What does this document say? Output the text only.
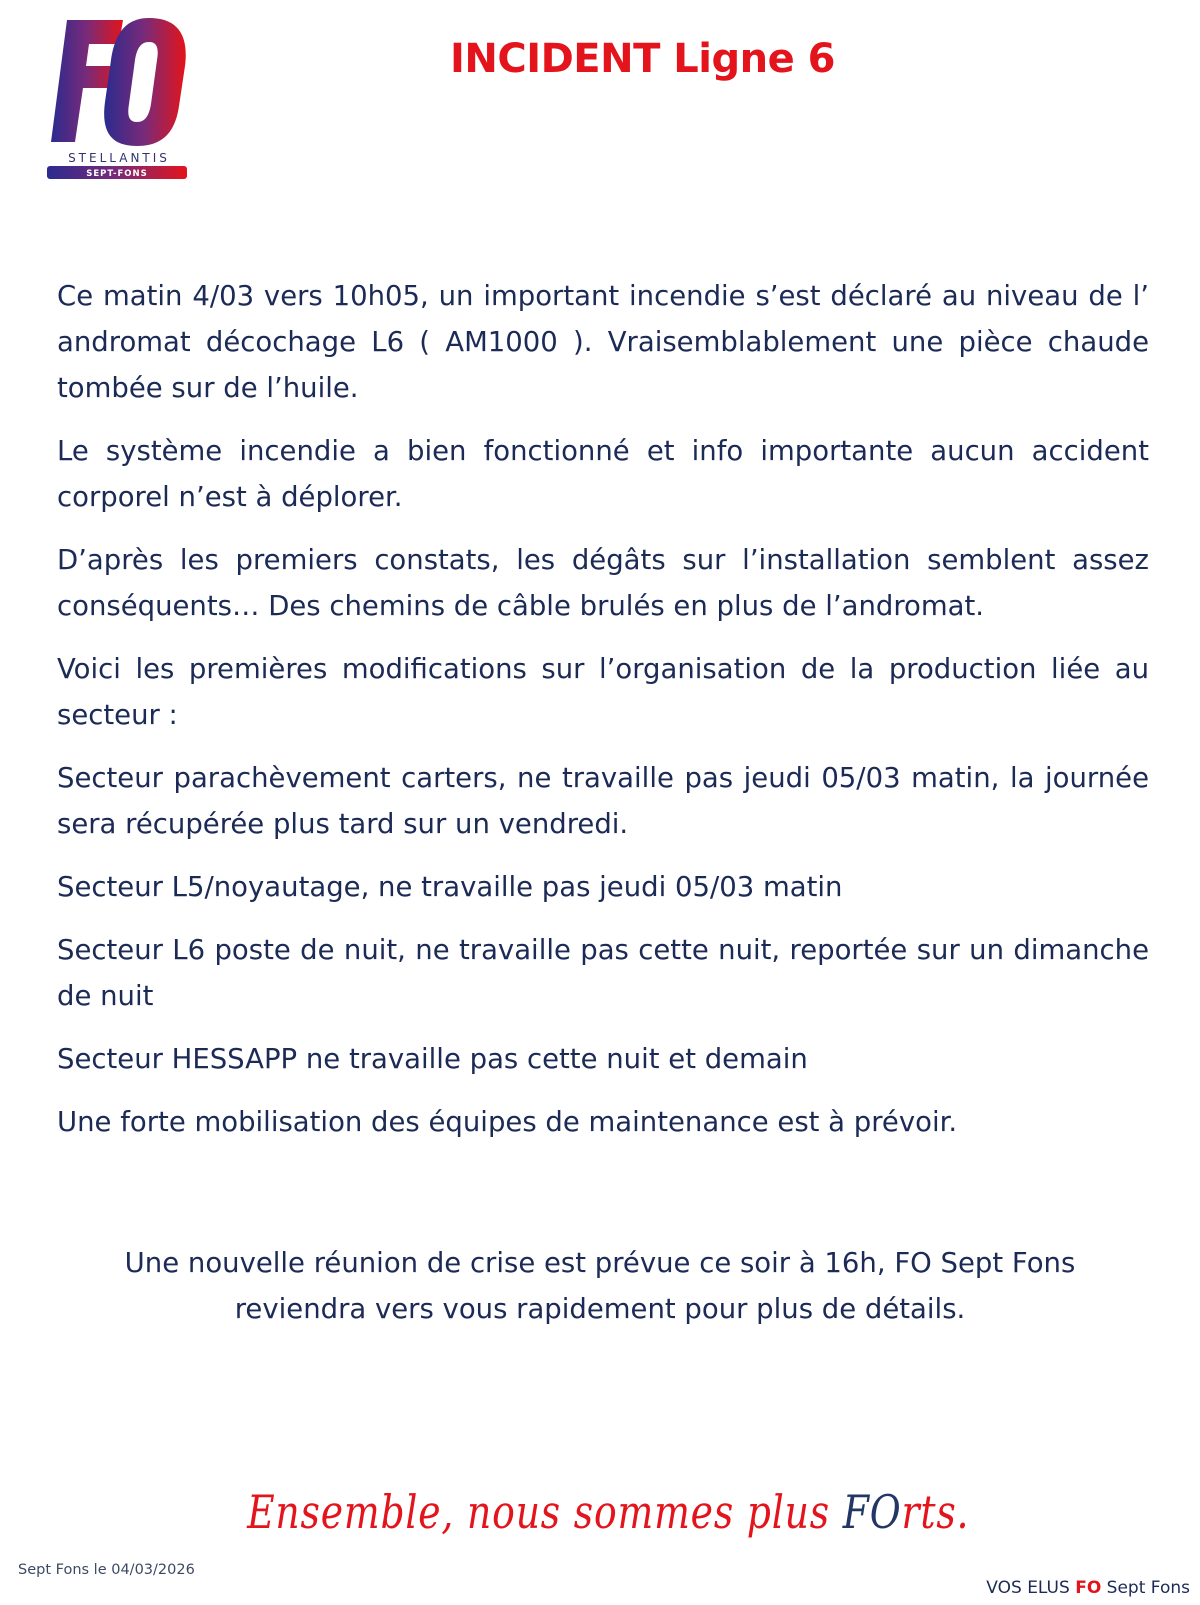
STELLANTIS
SEPT-FONS
INCIDENT Ligne 6

Ce matin 4/03 vers 10h05, un important incendie s’est déclaré au niveau de l’ andromat décochage L6 ( AM1000 ). Vraisemblablement une pièce chaude tombée sur de l’huile.

Le système incendie a bien fonctionné et info importante aucun accident corporel n’est à déplorer.

D’après les premiers constats, les dégâts sur l’installation semblent assez conséquents… Des chemins de câble brulés en plus de l’andromat.

Voici les premières modifications sur l’organisation de la production liée au secteur :

Secteur parachèvement carters, ne travaille pas jeudi 05/03 matin, la journée sera récupérée plus tard sur un vendredi.

Secteur L5/noyautage, ne travaille pas jeudi 05/03 matin

Secteur L6 poste de nuit, ne travaille pas cette nuit, reportée sur un dimanche de nuit

Secteur HESSAPP ne travaille pas cette nuit et demain

Une forte mobilisation des équipes de maintenance est à prévoir.

Une nouvelle réunion de crise est prévue ce soir à 16h, FO Sept Fons

reviendra vers vous rapidement pour plus de détails.

Ensemble, nous sommes plus FOrts.
Sept Fons le 04/03/2026
VOS ELUS FO Sept Fons
